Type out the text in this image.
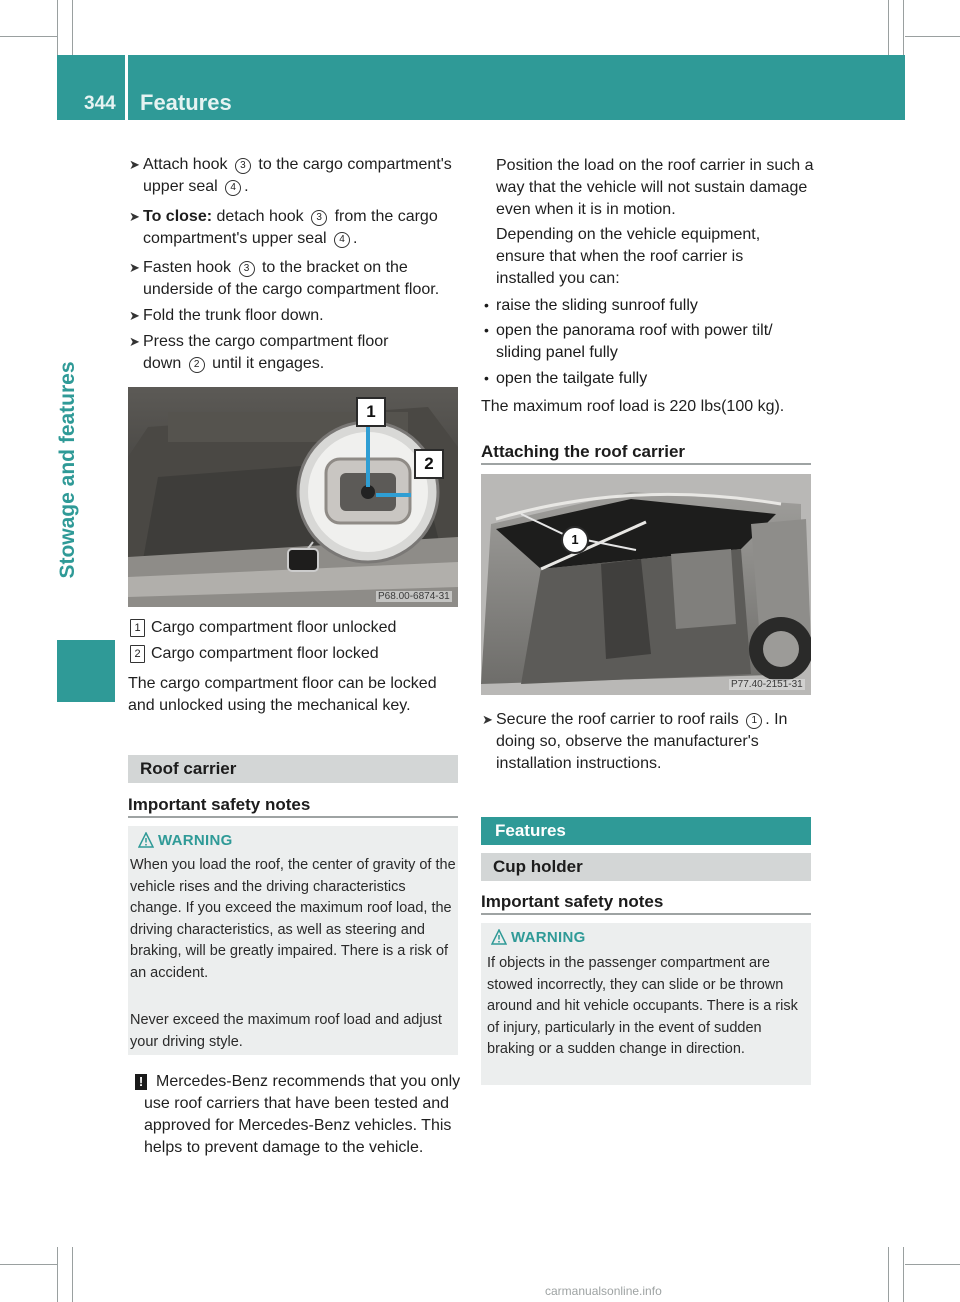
344 Features
Stowage and features
➤ Attach hook 3 to the cargo compartment's upper seal 4 .
➤ To close: detach hook 3 from the cargo compartment's upper seal 4 .
➤ Fasten hook 3 to the bracket on the underside of the cargo compartment floor.
➤ Fold the trunk floor down.
➤ Press the cargo compartment floor down 2 until it engages.
1
2
P68.00-6874-31
1 Cargo compartment floor unlocked
2 Cargo compartment floor locked
The cargo compartment floor can be locked and unlocked using the mechanical key.
Roof carrier
Important safety notes
WARNING
When you load the roof, the center of gravity of the vehicle rises and the driving characteristics change. If you exceed the maximum roof load, the driving characteristics, as well as steering and braking, will be greatly impaired. There is a risk of an accident.
Never exceed the maximum roof load and adjust your driving style.
! Mercedes-Benz recommends that you only use roof carriers that have been tested and approved for Mercedes-Benz vehicles. This helps to prevent damage to the vehicle.
Position the load on the roof carrier in such a way that the vehicle will not sustain damage even when it is in motion.
Depending on the vehicle equipment, ensure that when the roof carrier is installed you can:
• raise the sliding sunroof fully
• open the panorama roof with power tilt/ sliding panel fully
• open the tailgate fully
The maximum roof load is 220 lbs(100 kg).
Attaching the roof carrier
1
P77.40-2151-31
➤ Secure the roof carrier to roof rails 1 . In doing so, observe the manufacturer's installation instructions.
Features
Cup holder
Important safety notes
WARNING
If objects in the passenger compartment are stowed incorrectly, they can slide or be thrown around and hit vehicle occupants. There is a risk of injury, particularly in the event of sudden braking or a sudden change in direction.
carmanualsonline.info
